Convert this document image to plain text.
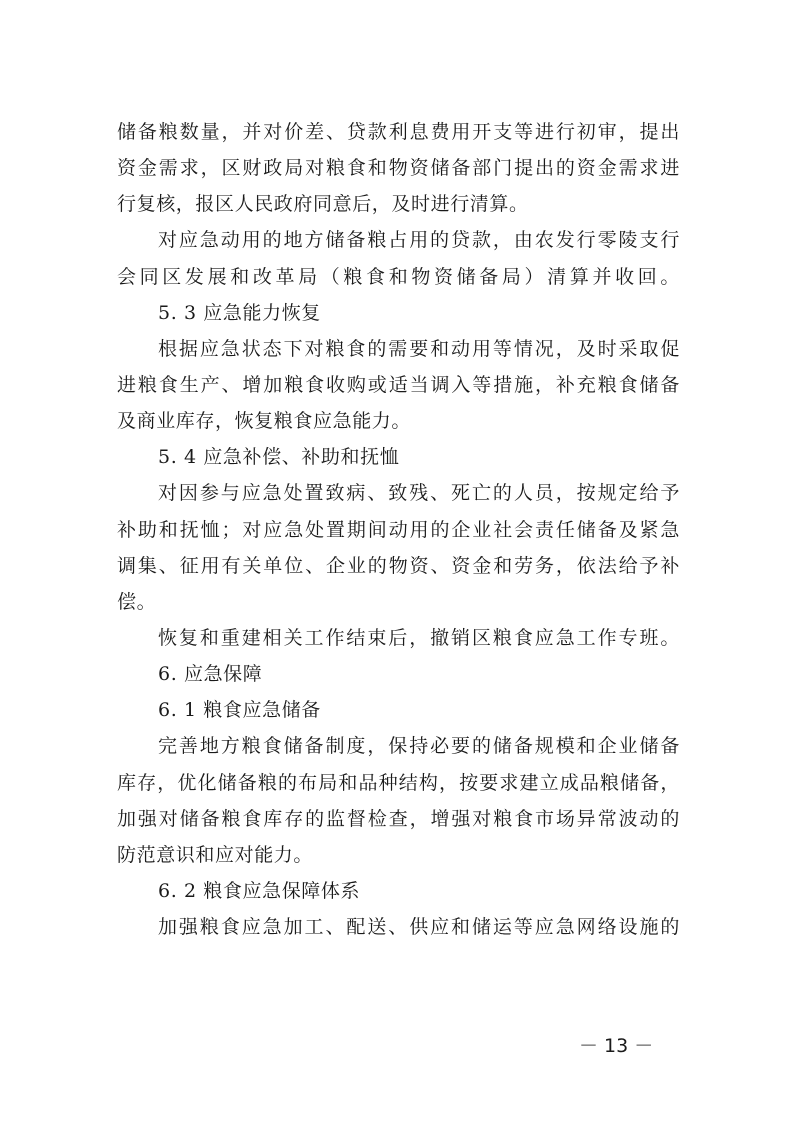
储备粮数量，并对价差、贷款利息费用开支等进行初审，提出
资金需求，区财政局对粮食和物资储备部门提出的资金需求进
行复核，报区人民政府同意后，及时进行清算。
对应急动用的地方储备粮占用的贷款，由农发行零陵支行
会同区发展和改革局（粮食和物资储备局）清算并收回。
5. 3 应急能力恢复
根据应急状态下对粮食的需要和动用等情况，及时采取促
进粮食生产、增加粮食收购或适当调入等措施，补充粮食储备
及商业库存，恢复粮食应急能力。
5. 4 应急补偿、补助和抚恤
对因参与应急处置致病、致残、死亡的人员，按规定给予
补助和抚恤；对应急处置期间动用的企业社会责任储备及紧急
调集、征用有关单位、企业的物资、资金和劳务，依法给予补
偿。
恢复和重建相关工作结束后，撤销区粮食应急工作专班。
6. 应急保障
6. 1 粮食应急储备
完善地方粮食储备制度，保持必要的储备规模和企业储备
库存，优化储备粮的布局和品种结构，按要求建立成品粮储备，
加强对储备粮食库存的监督检查，增强对粮食市场异常波动的
防范意识和应对能力。
6. 2 粮食应急保障体系
加强粮食应急加工、配送、供应和储运等应急网络设施的
－ 13 －
